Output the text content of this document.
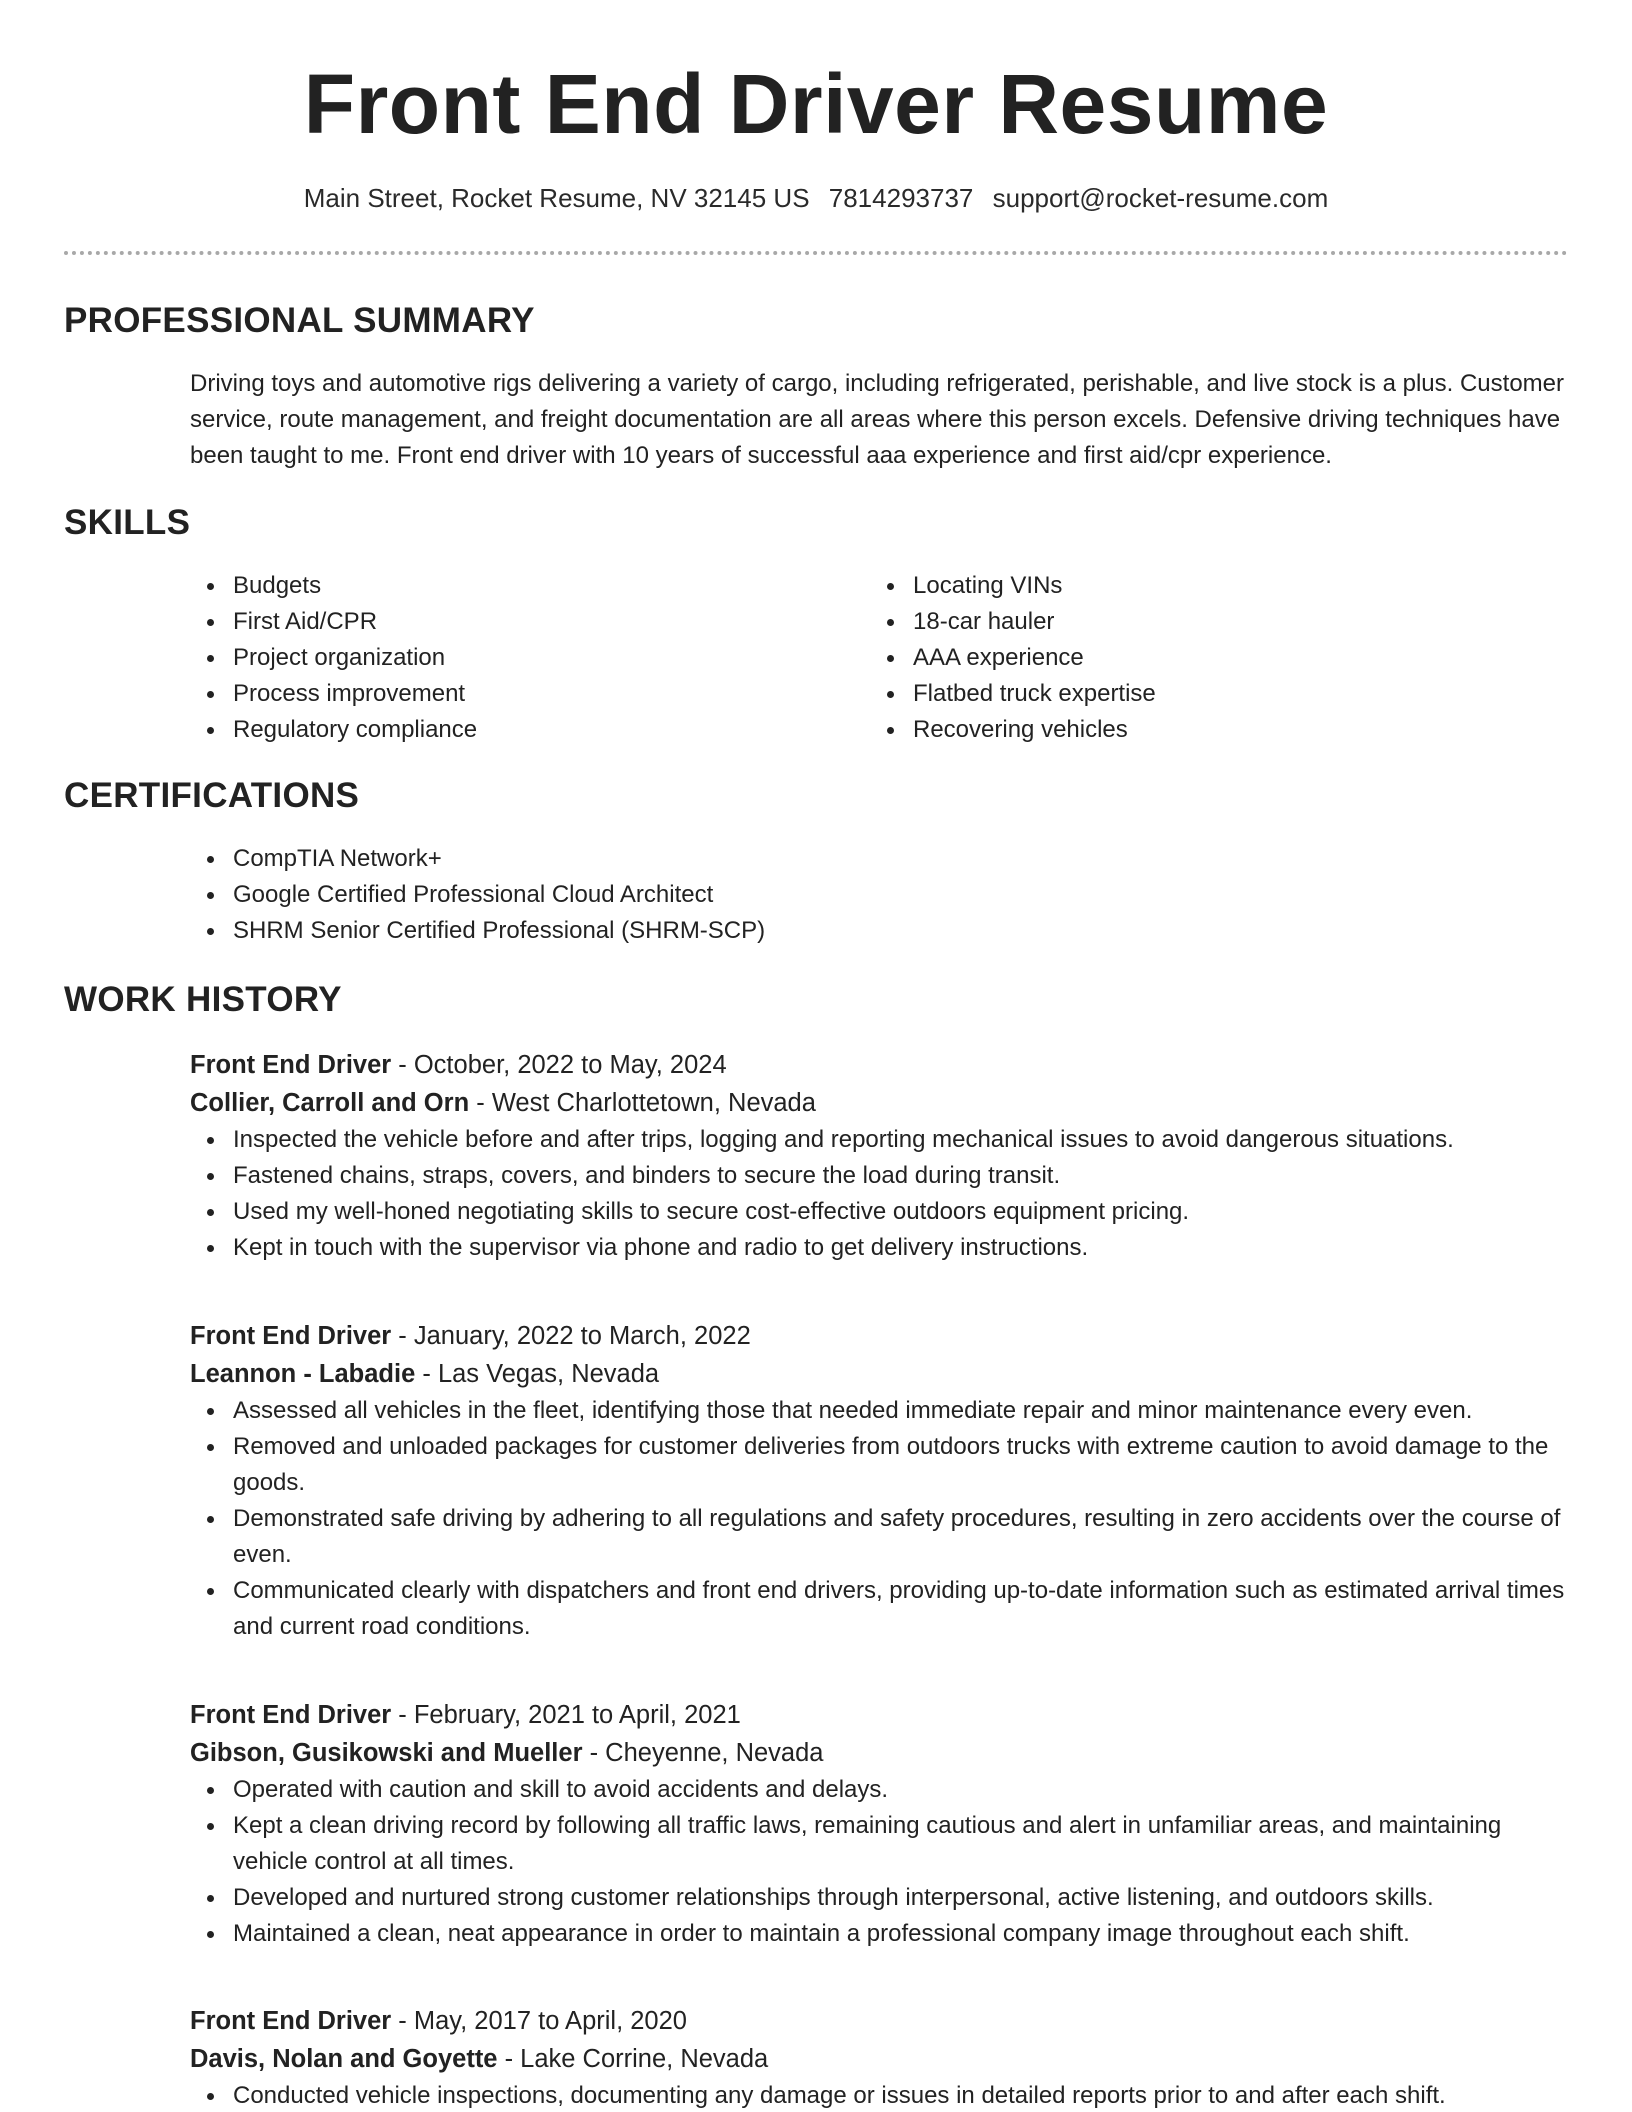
Front End Driver Resume
Main Street, Rocket Resume, NV 32145 US 7814293737 support@rocket-resume.com
PROFESSIONAL SUMMARY
Driving toys and automotive rigs delivering a variety of cargo, including refrigerated, perishable, and live stock is a plus. Customer service, route management, and freight documentation are all areas where this person excels. Defensive driving techniques have been taught to me. Front end driver with 10 years of successful aaa experience and first aid/cpr experience.
SKILLS
Budgets
First Aid/CPR
Project organization
Process improvement
Regulatory compliance
Locating VINs
18-car hauler
AAA experience
Flatbed truck expertise
Recovering vehicles
CERTIFICATIONS
CompTIA Network+
Google Certified Professional Cloud Architect
SHRM Senior Certified Professional (SHRM-SCP)
WORK HISTORY
Front End Driver - October, 2022 to May, 2024
Collier, Carroll and Orn - West Charlottetown, Nevada
Inspected the vehicle before and after trips, logging and reporting mechanical issues to avoid dangerous situations.
Fastened chains, straps, covers, and binders to secure the load during transit.
Used my well-honed negotiating skills to secure cost-effective outdoors equipment pricing.
Kept in touch with the supervisor via phone and radio to get delivery instructions.
Front End Driver - January, 2022 to March, 2022
Leannon - Labadie - Las Vegas, Nevada
Assessed all vehicles in the fleet, identifying those that needed immediate repair and minor maintenance every even.
Removed and unloaded packages for customer deliveries from outdoors trucks with extreme caution to avoid damage to the goods.
Demonstrated safe driving by adhering to all regulations and safety procedures, resulting in zero accidents over the course of even.
Communicated clearly with dispatchers and front end drivers, providing up-to-date information such as estimated arrival times and current road conditions.
Front End Driver - February, 2021 to April, 2021
Gibson, Gusikowski and Mueller - Cheyenne, Nevada
Operated with caution and skill to avoid accidents and delays.
Kept a clean driving record by following all traffic laws, remaining cautious and alert in unfamiliar areas, and maintaining vehicle control at all times.
Developed and nurtured strong customer relationships through interpersonal, active listening, and outdoors skills.
Maintained a clean, neat appearance in order to maintain a professional company image throughout each shift.
Front End Driver - May, 2017 to April, 2020
Davis, Nolan and Goyette - Lake Corrine, Nevada
Conducted vehicle inspections, documenting any damage or issues in detailed reports prior to and after each shift.
